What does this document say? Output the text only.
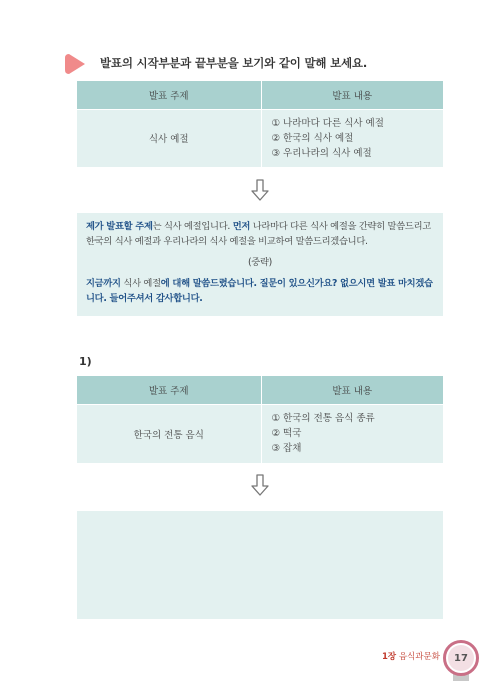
발표의 시작부분과 끝부분을 보기와 같이 말해 보세요.
발표 주제	발표 내용
식사 예절	① 나라마다 다른 식사 예절
② 한국의 식사 예절
③ 우리나라의 식사 예절

제가 발표할 주제는 식사 예절입니다. 먼저 나라마다 다른 식사 예절을 간략히 말씀드리고 한국의 식사 예절과 우리나라의 식사 예절을 비교하여 말씀드리겠습니다.

(중략)

지금까지 식사 예절에 대해 말씀드렸습니다. 질문이 있으신가요? 없으시면 발표 마치겠습니다. 들어주셔서 감사합니다.

1)
발표 주제	발표 내용
한국의 전통 음식	① 한국의 전통 음식 종류
② 떡국
③ 잡채
1장 음식과문화	17
